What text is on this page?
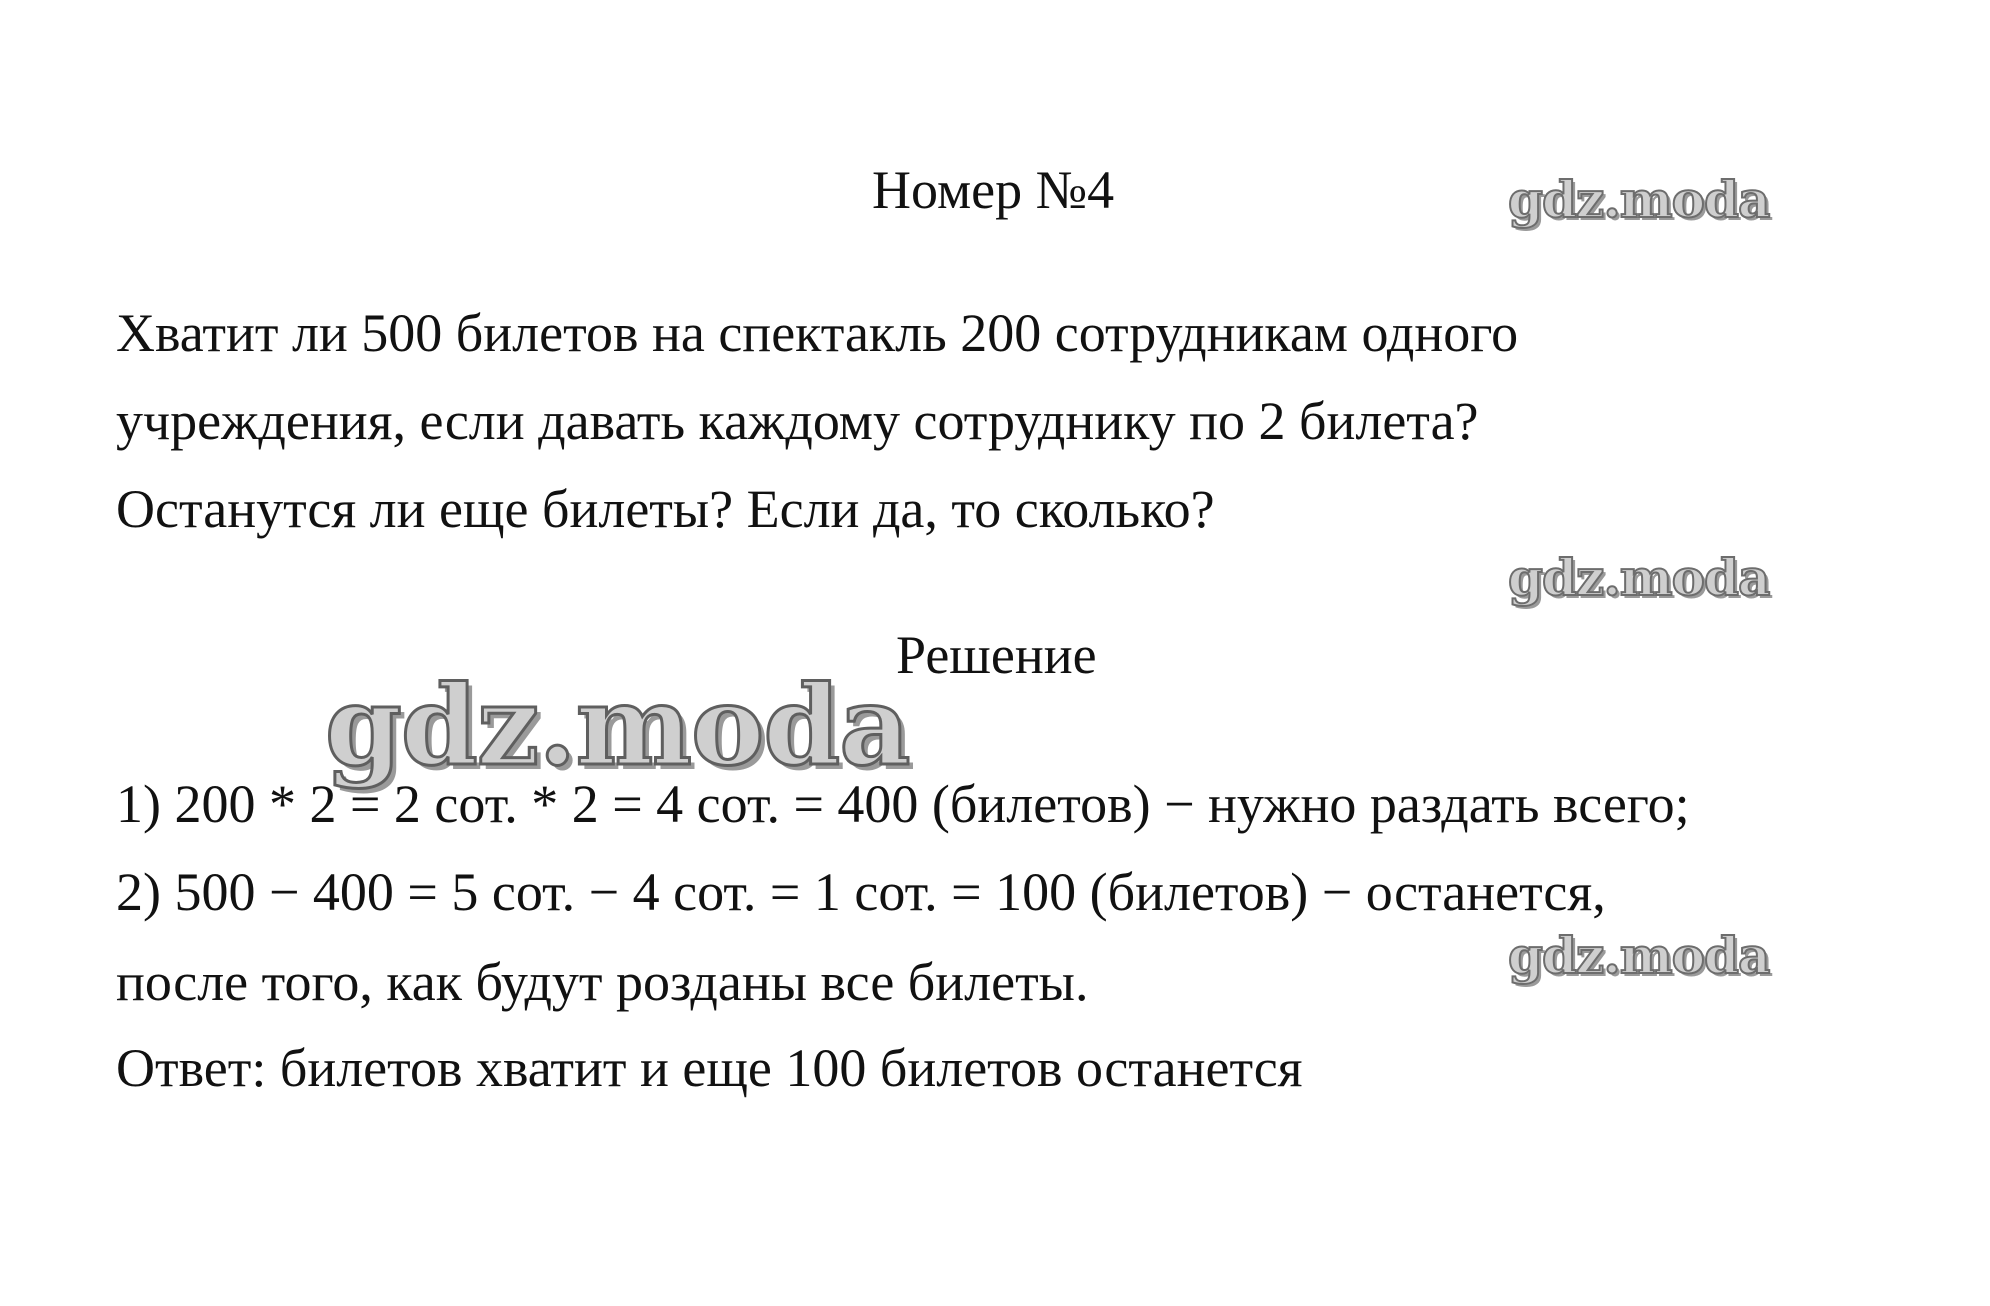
Номер №4	gdz.moda
Хватит ли 500 билетов на спектакль 200 сотрудникам одного
учреждения, если давать каждому сотруднику по 2 билета?
Останутся ли еще билеты? Если да, то сколько?
gdz.moda
Решение
gdz.moda
1) 200 * 2 = 2 сот. * 2 = 4 сот. = 400 (билетов) − нужно раздать всего;
2) 500 − 400 = 5 сот. − 4 сот. = 1 сот. = 100 (билетов) − останется,
после того, как будут розданы все билеты.	gdz.moda
Ответ: билетов хватит и еще 100 билетов останется
